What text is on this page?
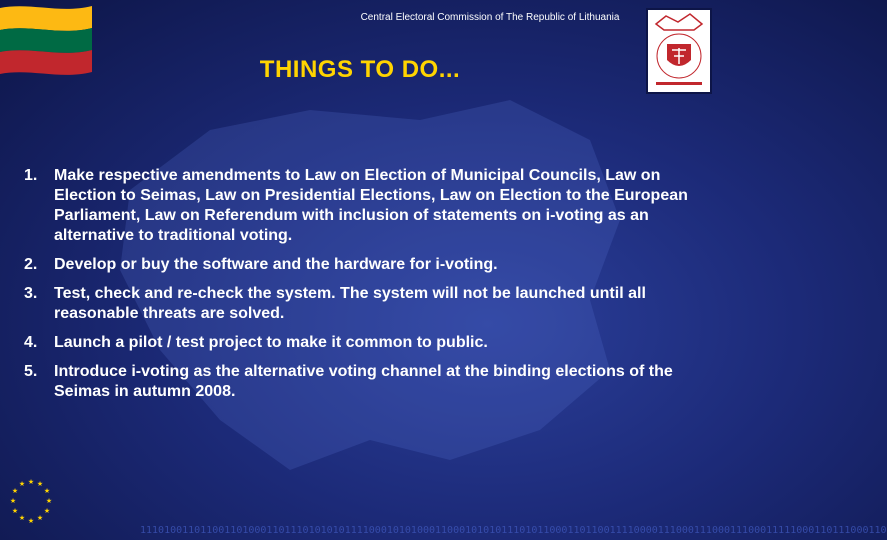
Central Electoral Commission of The Republic of Lithuania
THINGS TO DO...
1. Make respective amendments to Law on Election of Municipal Councils, Law on Election to Seimas, Law on Presidential Elections, Law on Election to the European Parliament, Law on Referendum with inclusion of statements on i-voting as an alternative to traditional voting.
2. Develop or buy the software and the hardware for i-voting.
3. Test, check and re-check the system. The system will not be launched until all reasonable threats are solved.
4. Launch a pilot / test project to make it common to public.
5. Introduce i-voting as the alternative voting channel at the binding elections of the Seimas in autumn 2008.
★ ★
★
★
★
★
★
★
★
★
★
★
1110100110110011010001101110101010111100010101000110001010101110101100011011001111000011100011100011100011111000110111000110
